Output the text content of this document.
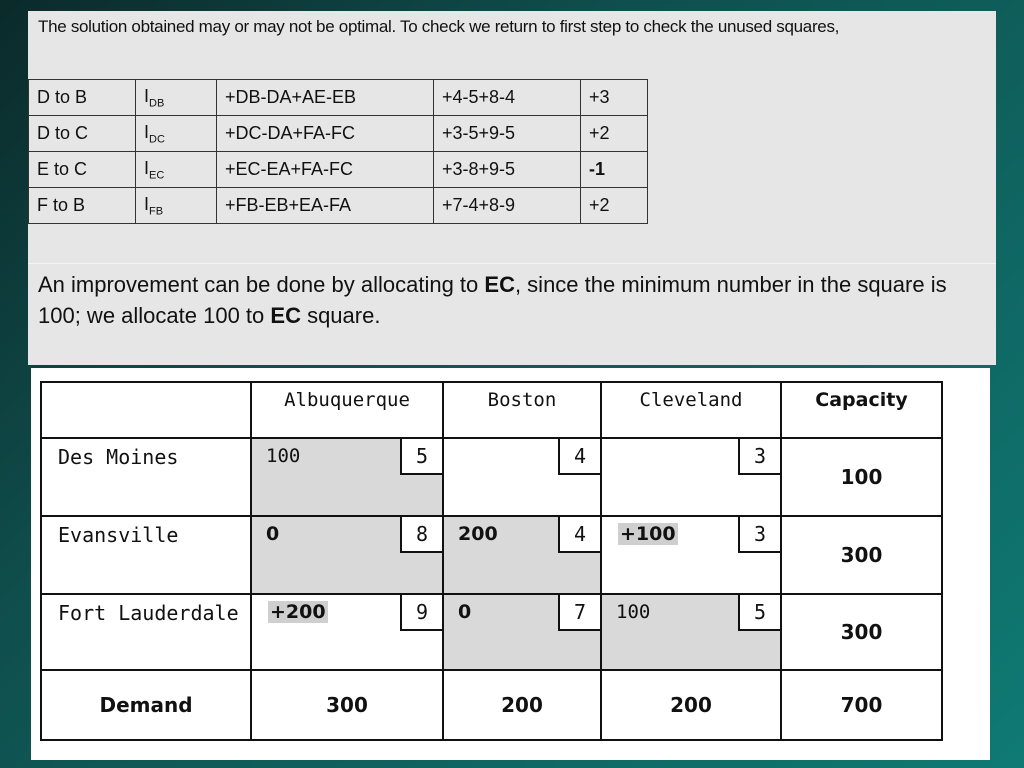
The solution obtained may or may not be optimal. To check we return to first step to check the unused squares,
D to B	$I_{DB}$	+DB-DA+AE-EB	+4-5+8-4	+3
D to C	$I_{DC}$	+DC-DA+FA-FC	+3-5+9-5	+2
E to C	$I_{EC}$	+EC-EA+FA-FC	+3-8+9-5	-1
F to B	$I_{FB}$	+FB-EB+EA-FA	+7-4+8-9	+2
An improvement can be done by allocating to EC, since the minimum number in the square is 100; we allocate 100 to EC square.
	Albuquerque	Boston	Cleveland	Capacity
Des Moines	100 5	4	3	100
Evansville	0 8	200 4	+100 3	300
Fort Lauderdale	+200 9	0 7	100 5	300
Demand	300	200	200	700
